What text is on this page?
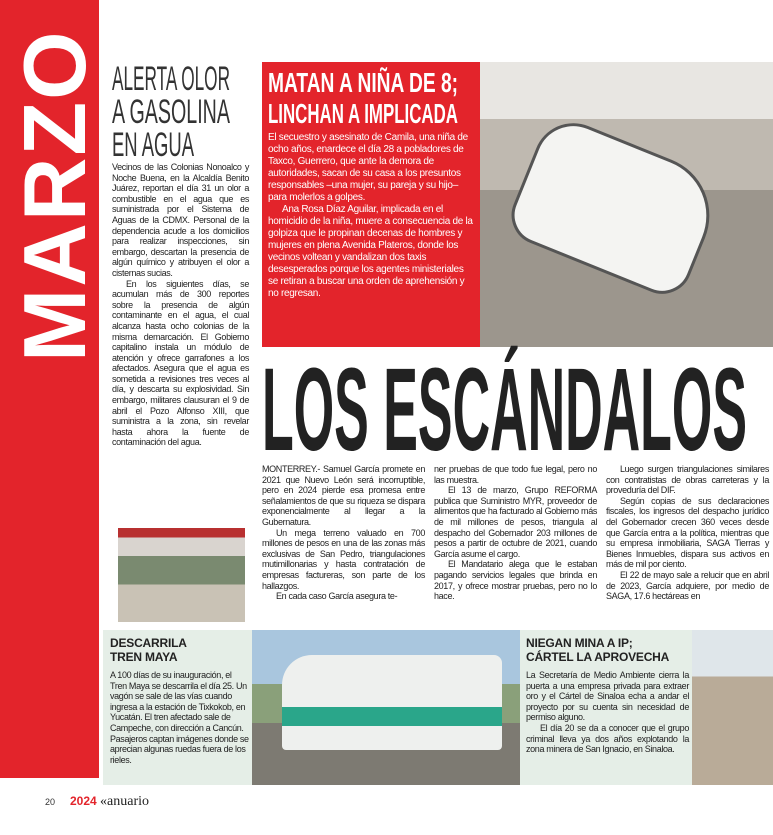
MARZO ALERTA OLOR
A GASOLINA
EN AGUA

Vecinos de las Colonias Nonoalco y Noche Buena, en la Alcaldía Benito Juárez, reportan el día 31 un olor a combustible en el agua que es suministrada por el Sistema de Aguas de la CDMX. Personal de la dependencia acude a los domicilios para realizar inspecciones, sin embargo, descartan la presencia de algún químico y atribuyen el olor a cisternas sucias.

En los siguientes días, se acumulan más de 300 reportes sobre la presencia de algún contaminante en el agua, el cual alcanza hasta ocho colonias de la misma demarcación. El Gobierno capitalino instala un módulo de atención y ofrece garrafones a los afectados. Asegura que el agua es sometida a revisiones tres veces al día, y descarta su explosividad. Sin embargo, militares clausuran el 9 de abril el Pozo Alfonso XIII, que suministra a la zona, sin revelar hasta ahora la fuente de contaminación del agua.

MATAN A NIÑA DE 8;
LINCHAN A IMPLICADA

El secuestro y asesinato de Camila, una niña de ocho años, enardece el día 28 a pobladores de Taxco, Guerrero, que ante la demora de autoridades, sacan de su casa a los presuntos responsables –una mujer, su pareja y su hijo– para molerlos a golpes.

Ana Rosa Díaz Aguilar, implicada en el homicidio de la niña, muere a consecuencia de la golpiza que le propinan decenas de hombres y mujeres en plena Avenida Plateros, donde los vecinos voltean y vandalizan dos taxis desesperados porque los agentes ministeriales se retiran a buscar una orden de aprehensión y no regresan.

LOS ESCÁNDALOS

MONTERREY.- Samuel García promete en 2021 que Nuevo León será incorruptible, pero en 2024 pierde esa promesa entre señalamientos de que su riqueza se dispara exponencialmente al llegar a la Gubernatura.

Un mega terreno valuado en 700 millones de pesos en una de las zonas más exclusivas de San Pedro, triangulaciones mutimillonarias y hasta contratación de empresas factureras, son parte de los hallazgos.

En cada caso García asegura te-

ner pruebas de que todo fue legal, pero no las muestra.

El 13 de marzo, Grupo REFORMA publica que Suministro MYR, proveedor de alimentos que ha facturado al Gobierno más de mil millones de pesos, triangula al despacho del Gobernador 203 millones de pesos a partir de octubre de 2021, cuando García asume el cargo.

El Mandatario alega que le estaban pagando servicios legales que brinda en 2017, y ofrece mostrar pruebas, pero no lo hace.

Luego surgen triangulaciones similares con contratistas de obras carreteras y la proveduría del DIF.

Según copias de sus declaraciones fiscales, los ingresos del despacho jurídico del Gobernador crecen 360 veces desde que García entra a la política, mientras que su empresa inmobiliaria, SAGA Tierras y Bienes Inmuebles, dispara sus activos en más de mil por ciento.

El 22 de mayo sale a relucir que en abril de 2023, García adquiere, por medio de SAGA, 17.6 hectáreas en

DESCARRILA
TREN MAYA

A 100 días de su inauguración, el Tren Maya se descarrila el día 25. Un vagón se sale de las vías cuando ingresa a la estación de Tixkokob, en Yucatán. El tren afectado sale de Campeche, con dirección a Cancún. Pasajeros captan imágenes donde se aprecian algunas ruedas fuera de los rieles.

NIEGAN MINA A IP;
CÁRTEL LA APROVECHA

La Secretaría de Medio Ambiente cierra la puerta a una empresa privada para extraer oro y el Cártel de Sinaloa echa a andar el proyecto por su cuenta sin necesidad de permiso alguno.

El día 20 se da a conocer que el grupo criminal lleva ya dos años explotando la zona minera de San Ignacio, en Sinaloa.

20 2024 «anuario
